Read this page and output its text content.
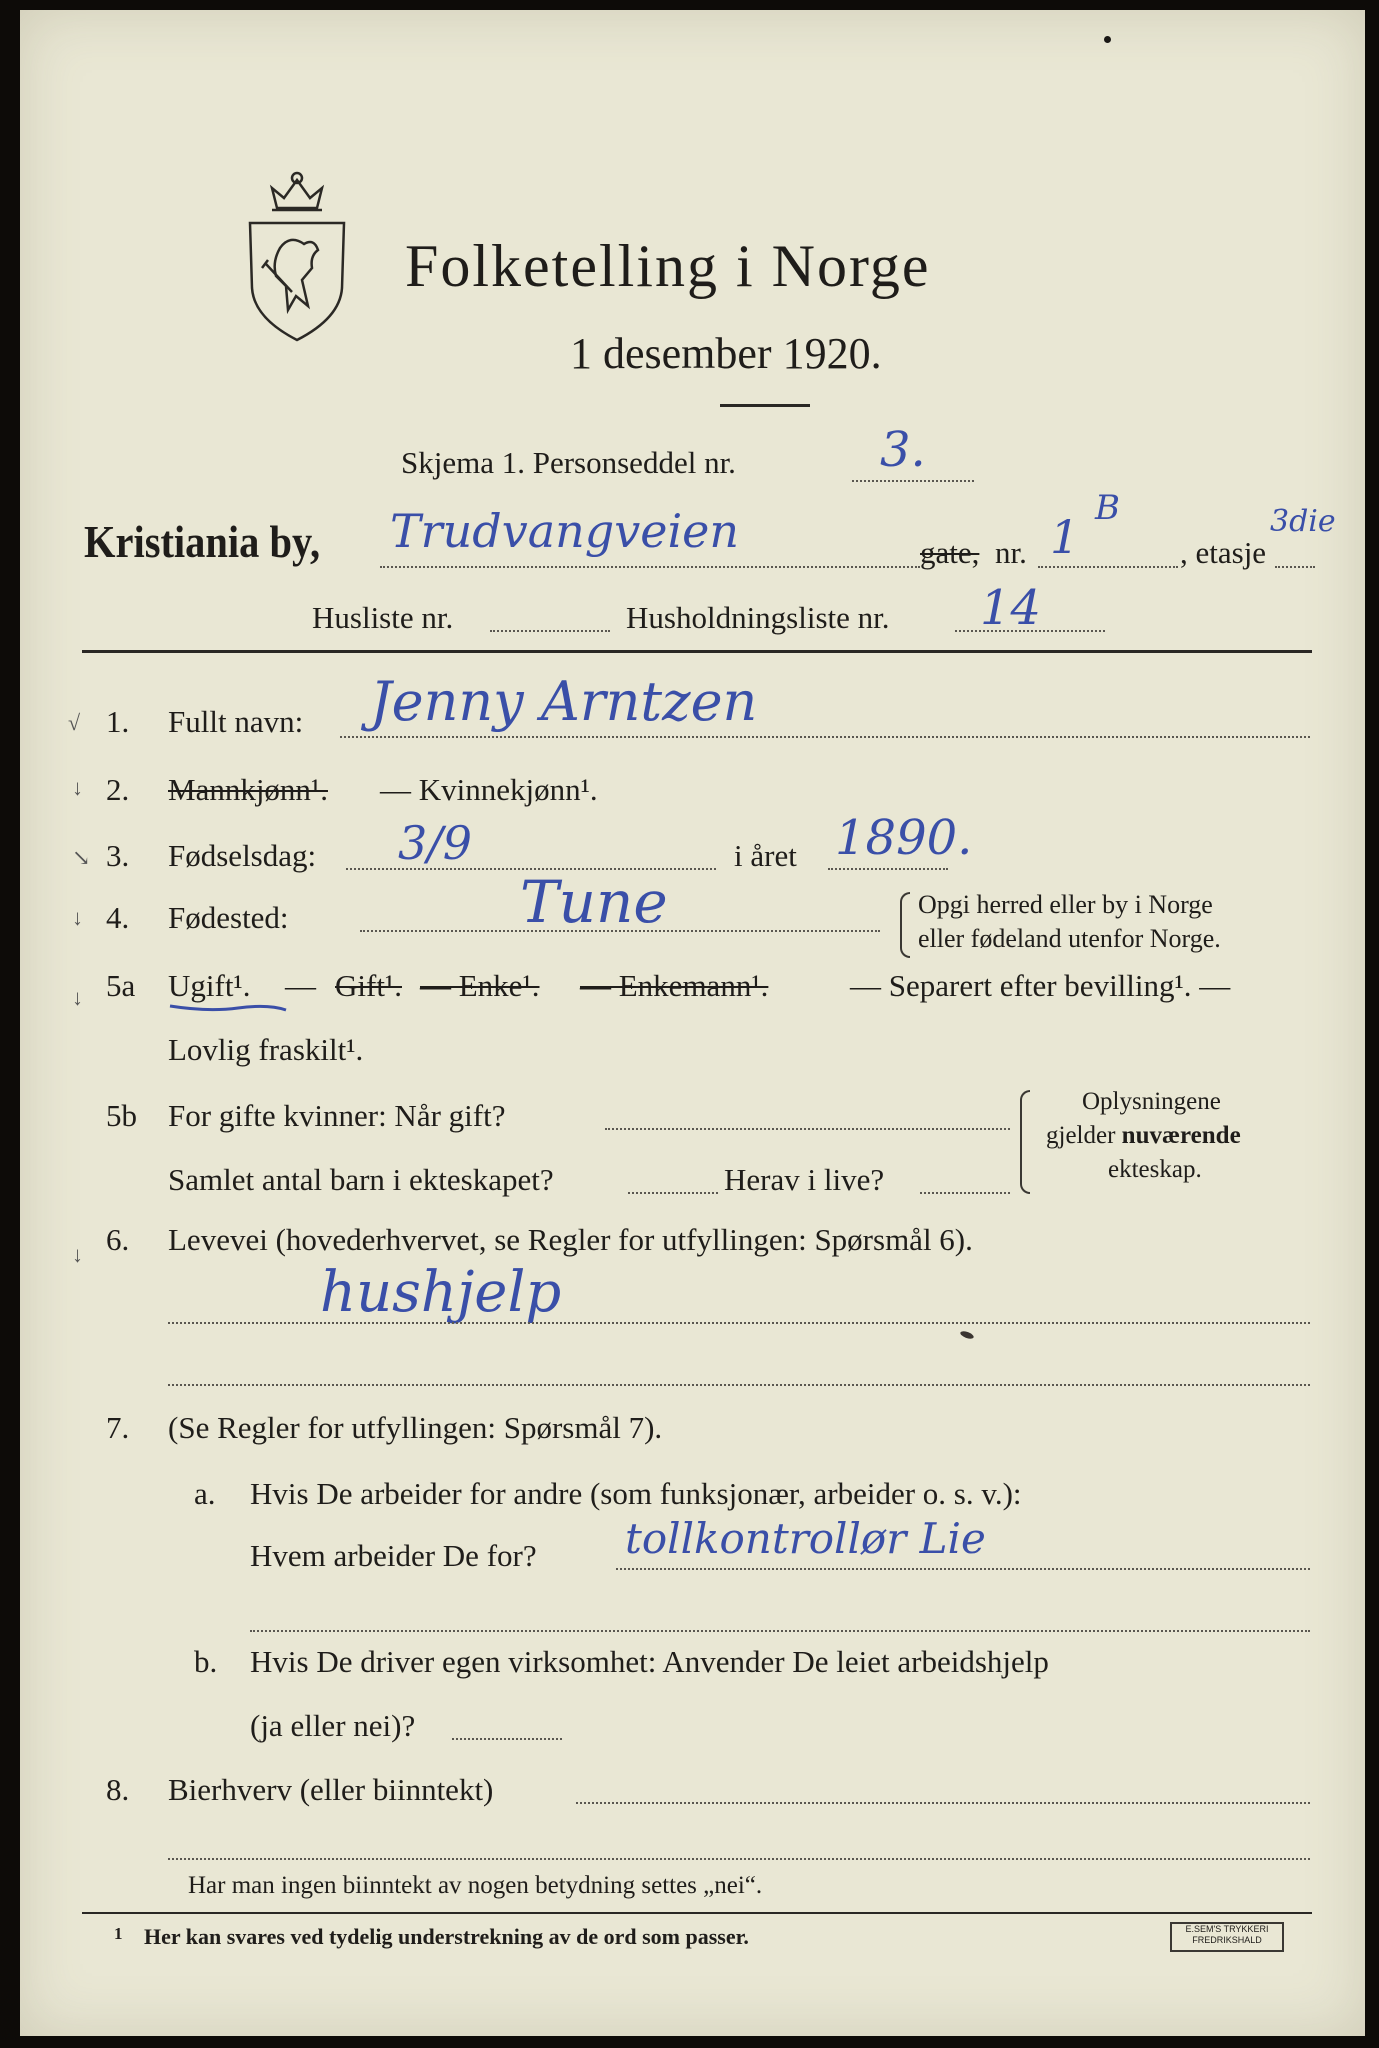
Folketelling i Norge
1 desember 1920.
Skjema 1. Personseddel nr.	3.
Kristiania by, Trudvangveien	gate, nr. 1
B
, etasje
3die
Husliste nr.	Husholdningsliste nr. 14
√
↓
↘
↓
↓
↓
1. Fullt navn: Jenny Arntzen
2. Mannkjønn¹. — Kvinnekjønn¹.
3. Fødselsdag: 3/9	i året 1890.
4. Fødested:	Tune	Opgi herred eller by i Norge
eller fødeland utenfor Norge.
5a Ugift¹. — Gift¹. — Enke¹. — Enkemann¹.	— Separert efter bevilling¹. —
Lovlig fraskilt¹.
5b For gifte kvinner: Når gift?
Samlet antal barn i ekteskapet?	Herav i live?
Oplysningene
gjelder nuværende
ekteskap.
6. Levevei (hovederhvervet, se Regler for utfyllingen: Spørsmål 6).
hushjelp
7. (Se Regler for utfyllingen: Spørsmål 7).
a. Hvis De arbeider for andre (som funksjonær, arbeider o. s. v.):
Hvem arbeider De for? tollkontrollør Lie
b. Hvis De driver egen virksomhet: Anvender De leiet arbeidshjelp
(ja eller nei)?
8. Bierhverv (eller biinntekt)
Har man ingen biinntekt av nogen betydning settes „nei“.
1 Her kan svares ved tydelig understrekning av de ord som passer.	E.SEM'S TRYKKERI
FREDRIKSHALD
